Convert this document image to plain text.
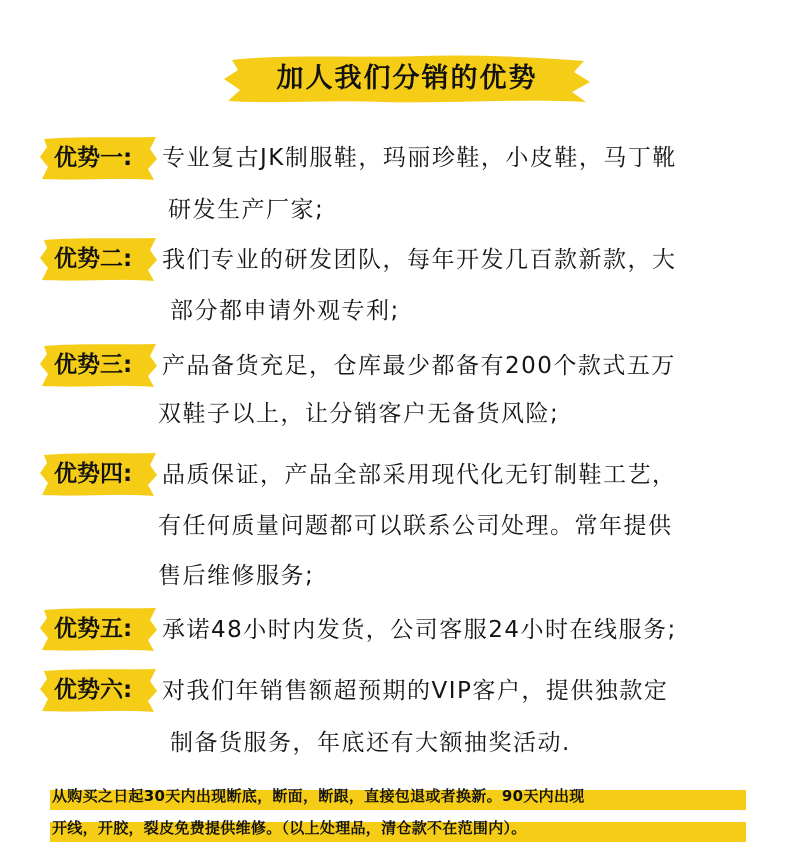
加人我们分销的优势
优势一: 专业复古JK制服鞋，玛丽珍鞋，小皮鞋，马丁靴
研发生产厂家;
优势二: 我们专业的研发团队，每年开发几百款新款，大
部分都申请外观专利;
优势三: 产品备货充足，仓库最少都备有200个款式五万
双鞋子以上，让分销客户无备货风险;
优势四: 品质保证，产品全部采用现代化无钉制鞋工艺，
有任何质量问题都可以联系公司处理。常年提供
售后维修服务;
优势五: 承诺48小时内发货，公司客服24小时在线服务;
优势六: 对我们年销售额超预期的VIP客户，提供独款定
制备货服务，年底还有大额抽奖活动.
从购买之日起30天内出现断底，断面，断跟，直接包退或者换新。90天内出现
开线，开胶，裂皮免费提供维修。（以上处理品，清仓款不在范围内）。
